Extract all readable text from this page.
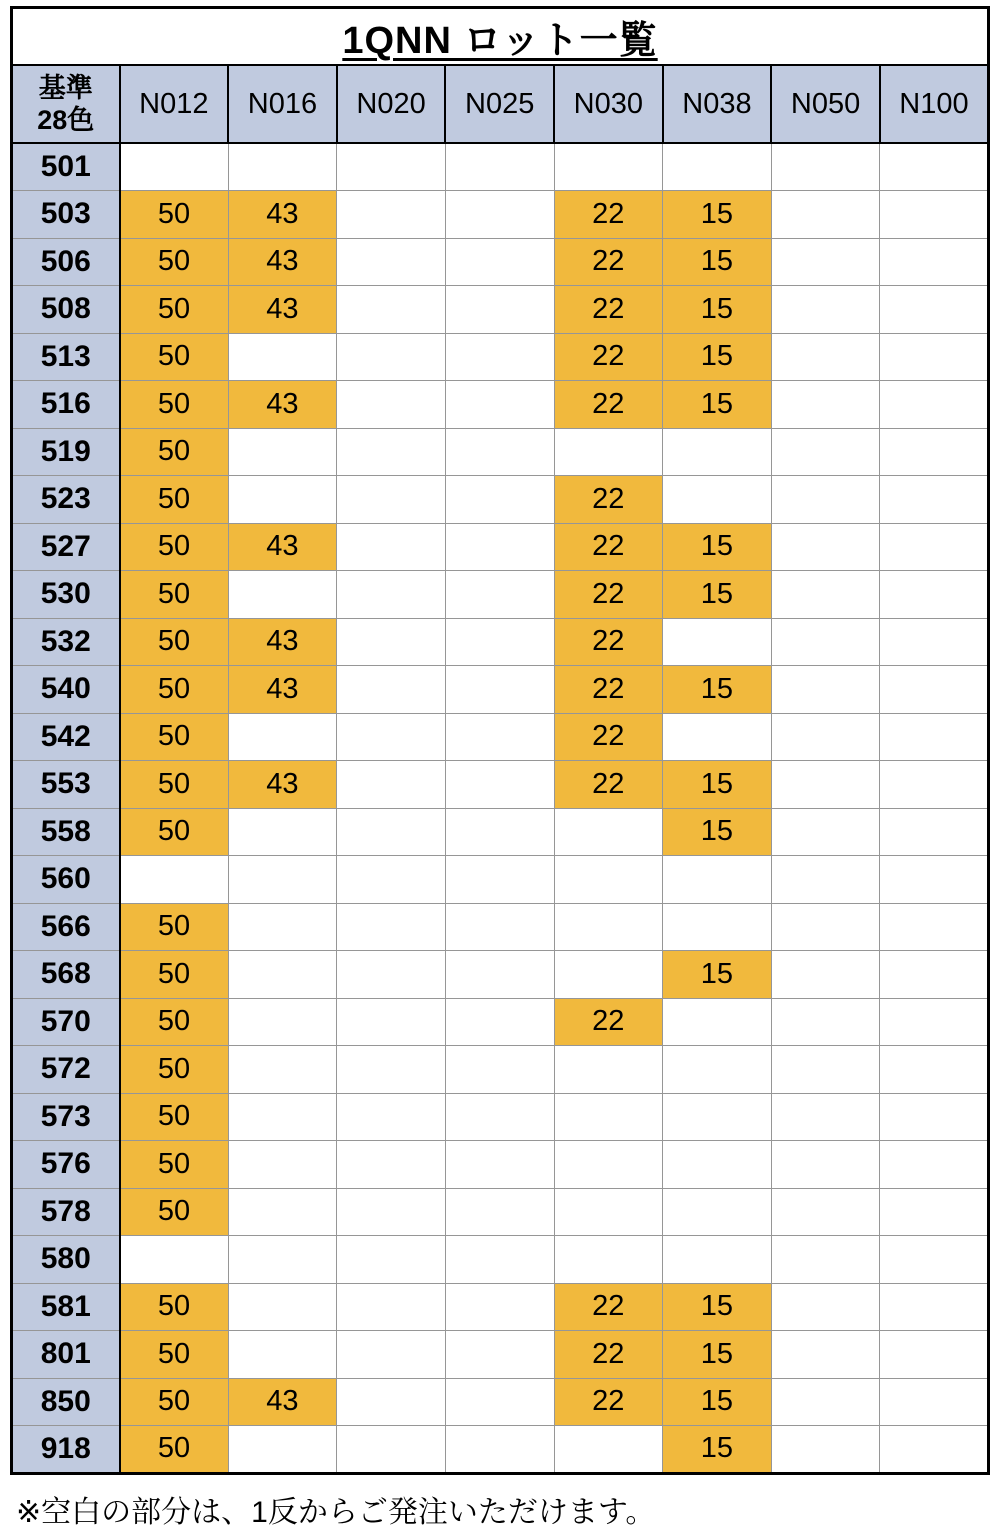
1QNN ロット一覧								

基準
28色	N012	N016	N020	N025	N030	N038	N050	N100
501								
503	50	43			22	15		
506	50	43			22	15		
508	50	43			22	15		
513	50				22	15		
516	50	43			22	15		
519	50							
523	50				22			
527	50	43			22	15		
530	50				22	15		
532	50	43			22			
540	50	43			22	15		
542	50				22			
553	50	43			22	15		
558	50					15		
560								
566	50							
568	50					15		
570	50				22			
572	50							
573	50							
576	50							
578	50							
580								
581	50				22	15		
801	50				22	15		
850	50	43			22	15		
918	50					15		
※空白の部分は、1反からご発注いただけます。
